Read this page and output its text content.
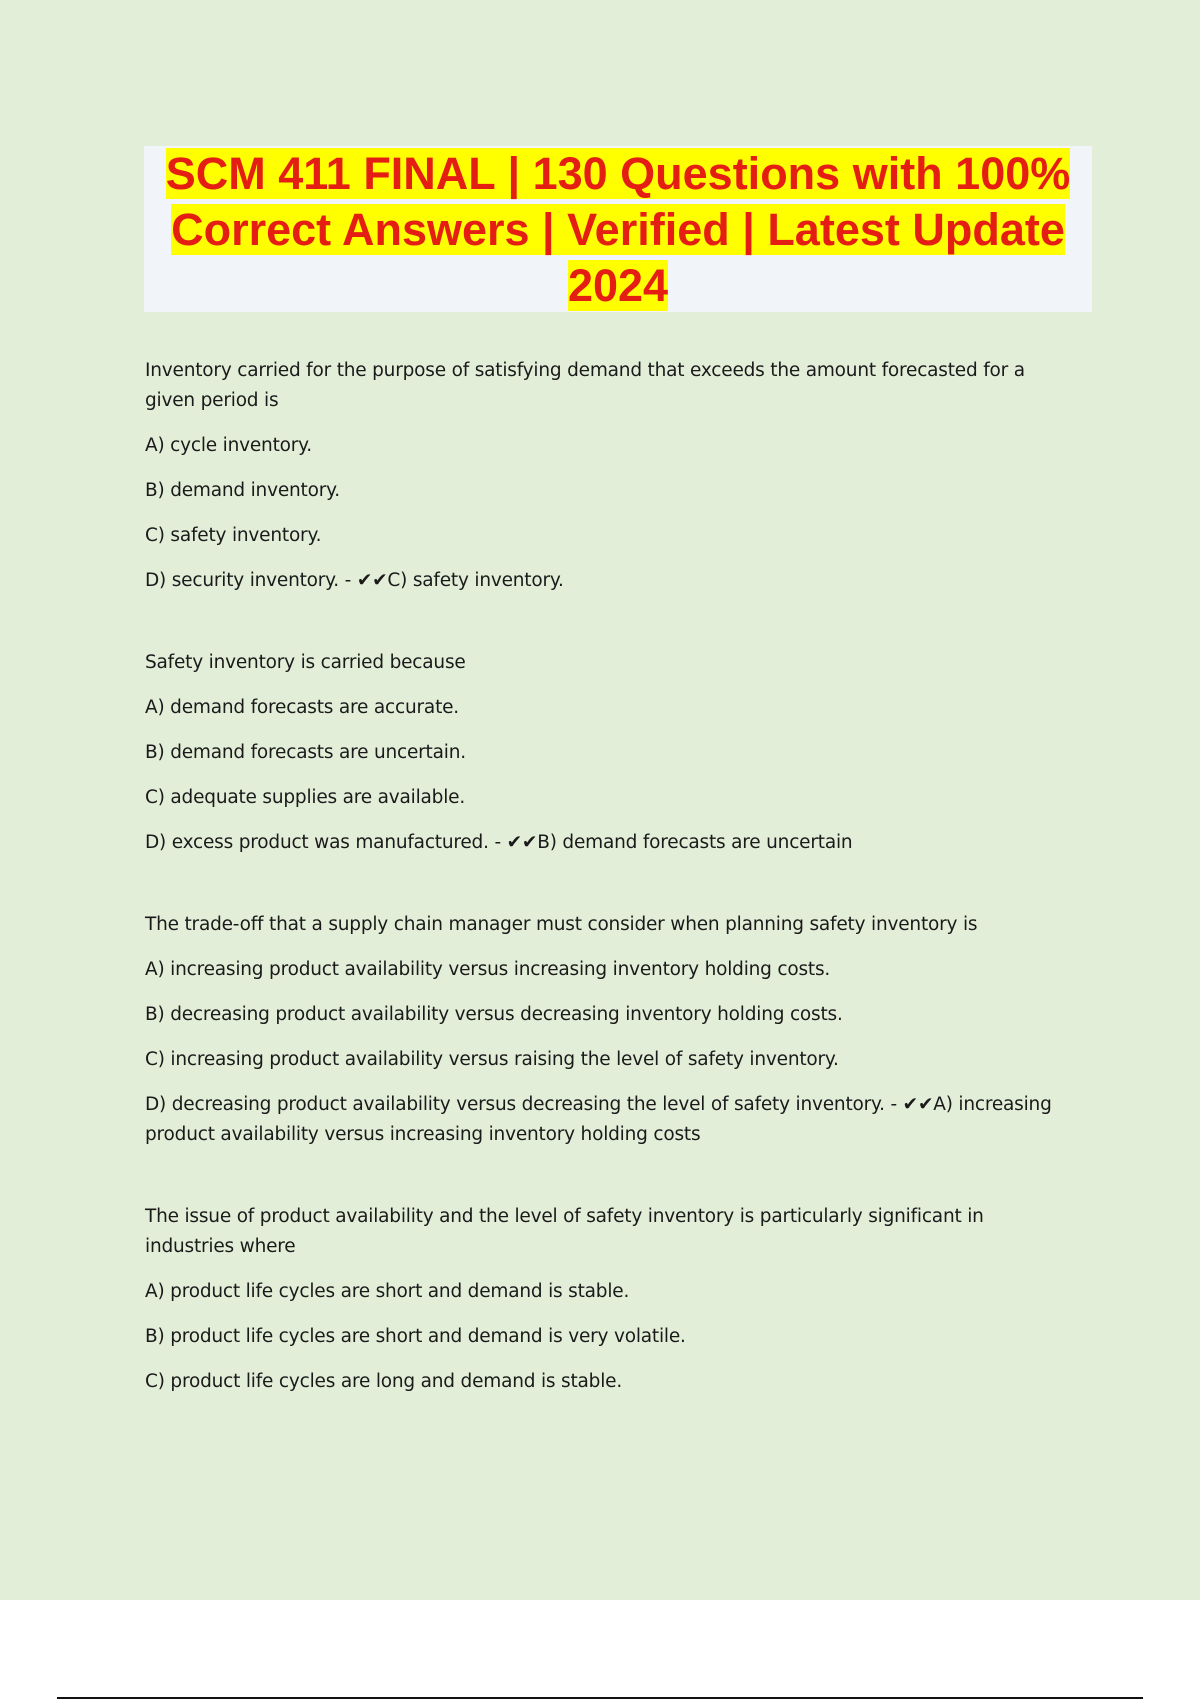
SCM 411 FINAL | 130 Questions with 100% Correct Answers | Verified | Latest Update 2024

Inventory carried for the purpose of satisfying demand that exceeds the amount forecasted for a given period is

A) cycle inventory.

B) demand inventory.

C) safety inventory.

D) security inventory. - ✔✔C) safety inventory.

Safety inventory is carried because

A) demand forecasts are accurate.

B) demand forecasts are uncertain.

C) adequate supplies are available.

D) excess product was manufactured. - ✔✔B) demand forecasts are uncertain

The trade-off that a supply chain manager must consider when planning safety inventory is

A) increasing product availability versus increasing inventory holding costs.

B) decreasing product availability versus decreasing inventory holding costs.

C) increasing product availability versus raising the level of safety inventory.

D) decreasing product availability versus decreasing the level of safety inventory. - ✔✔A) increasing product availability versus increasing inventory holding costs

The issue of product availability and the level of safety inventory is particularly significant in industries where

A) product life cycles are short and demand is stable.

B) product life cycles are short and demand is very volatile.

C) product life cycles are long and demand is stable.
